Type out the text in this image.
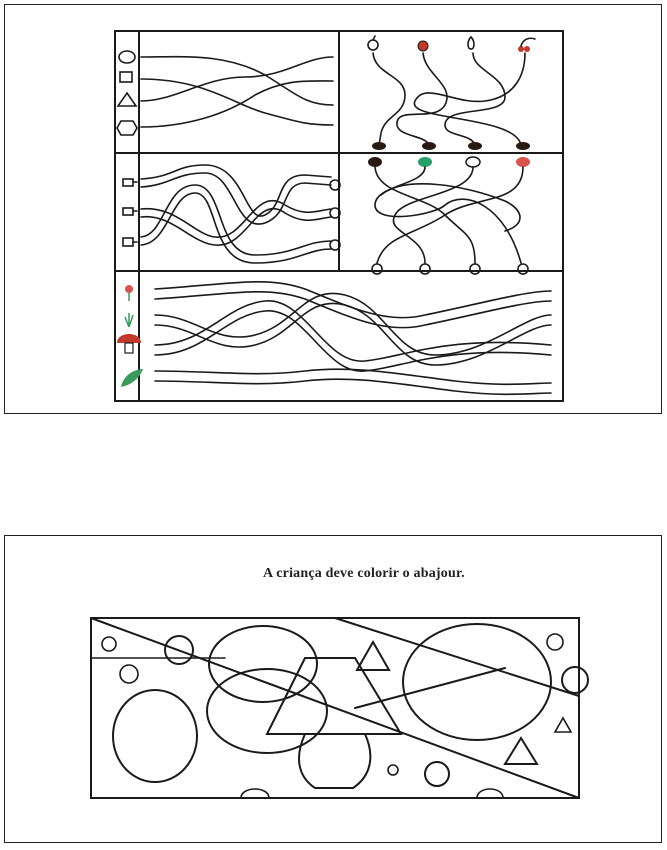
A criança deve colorir o abajour.
